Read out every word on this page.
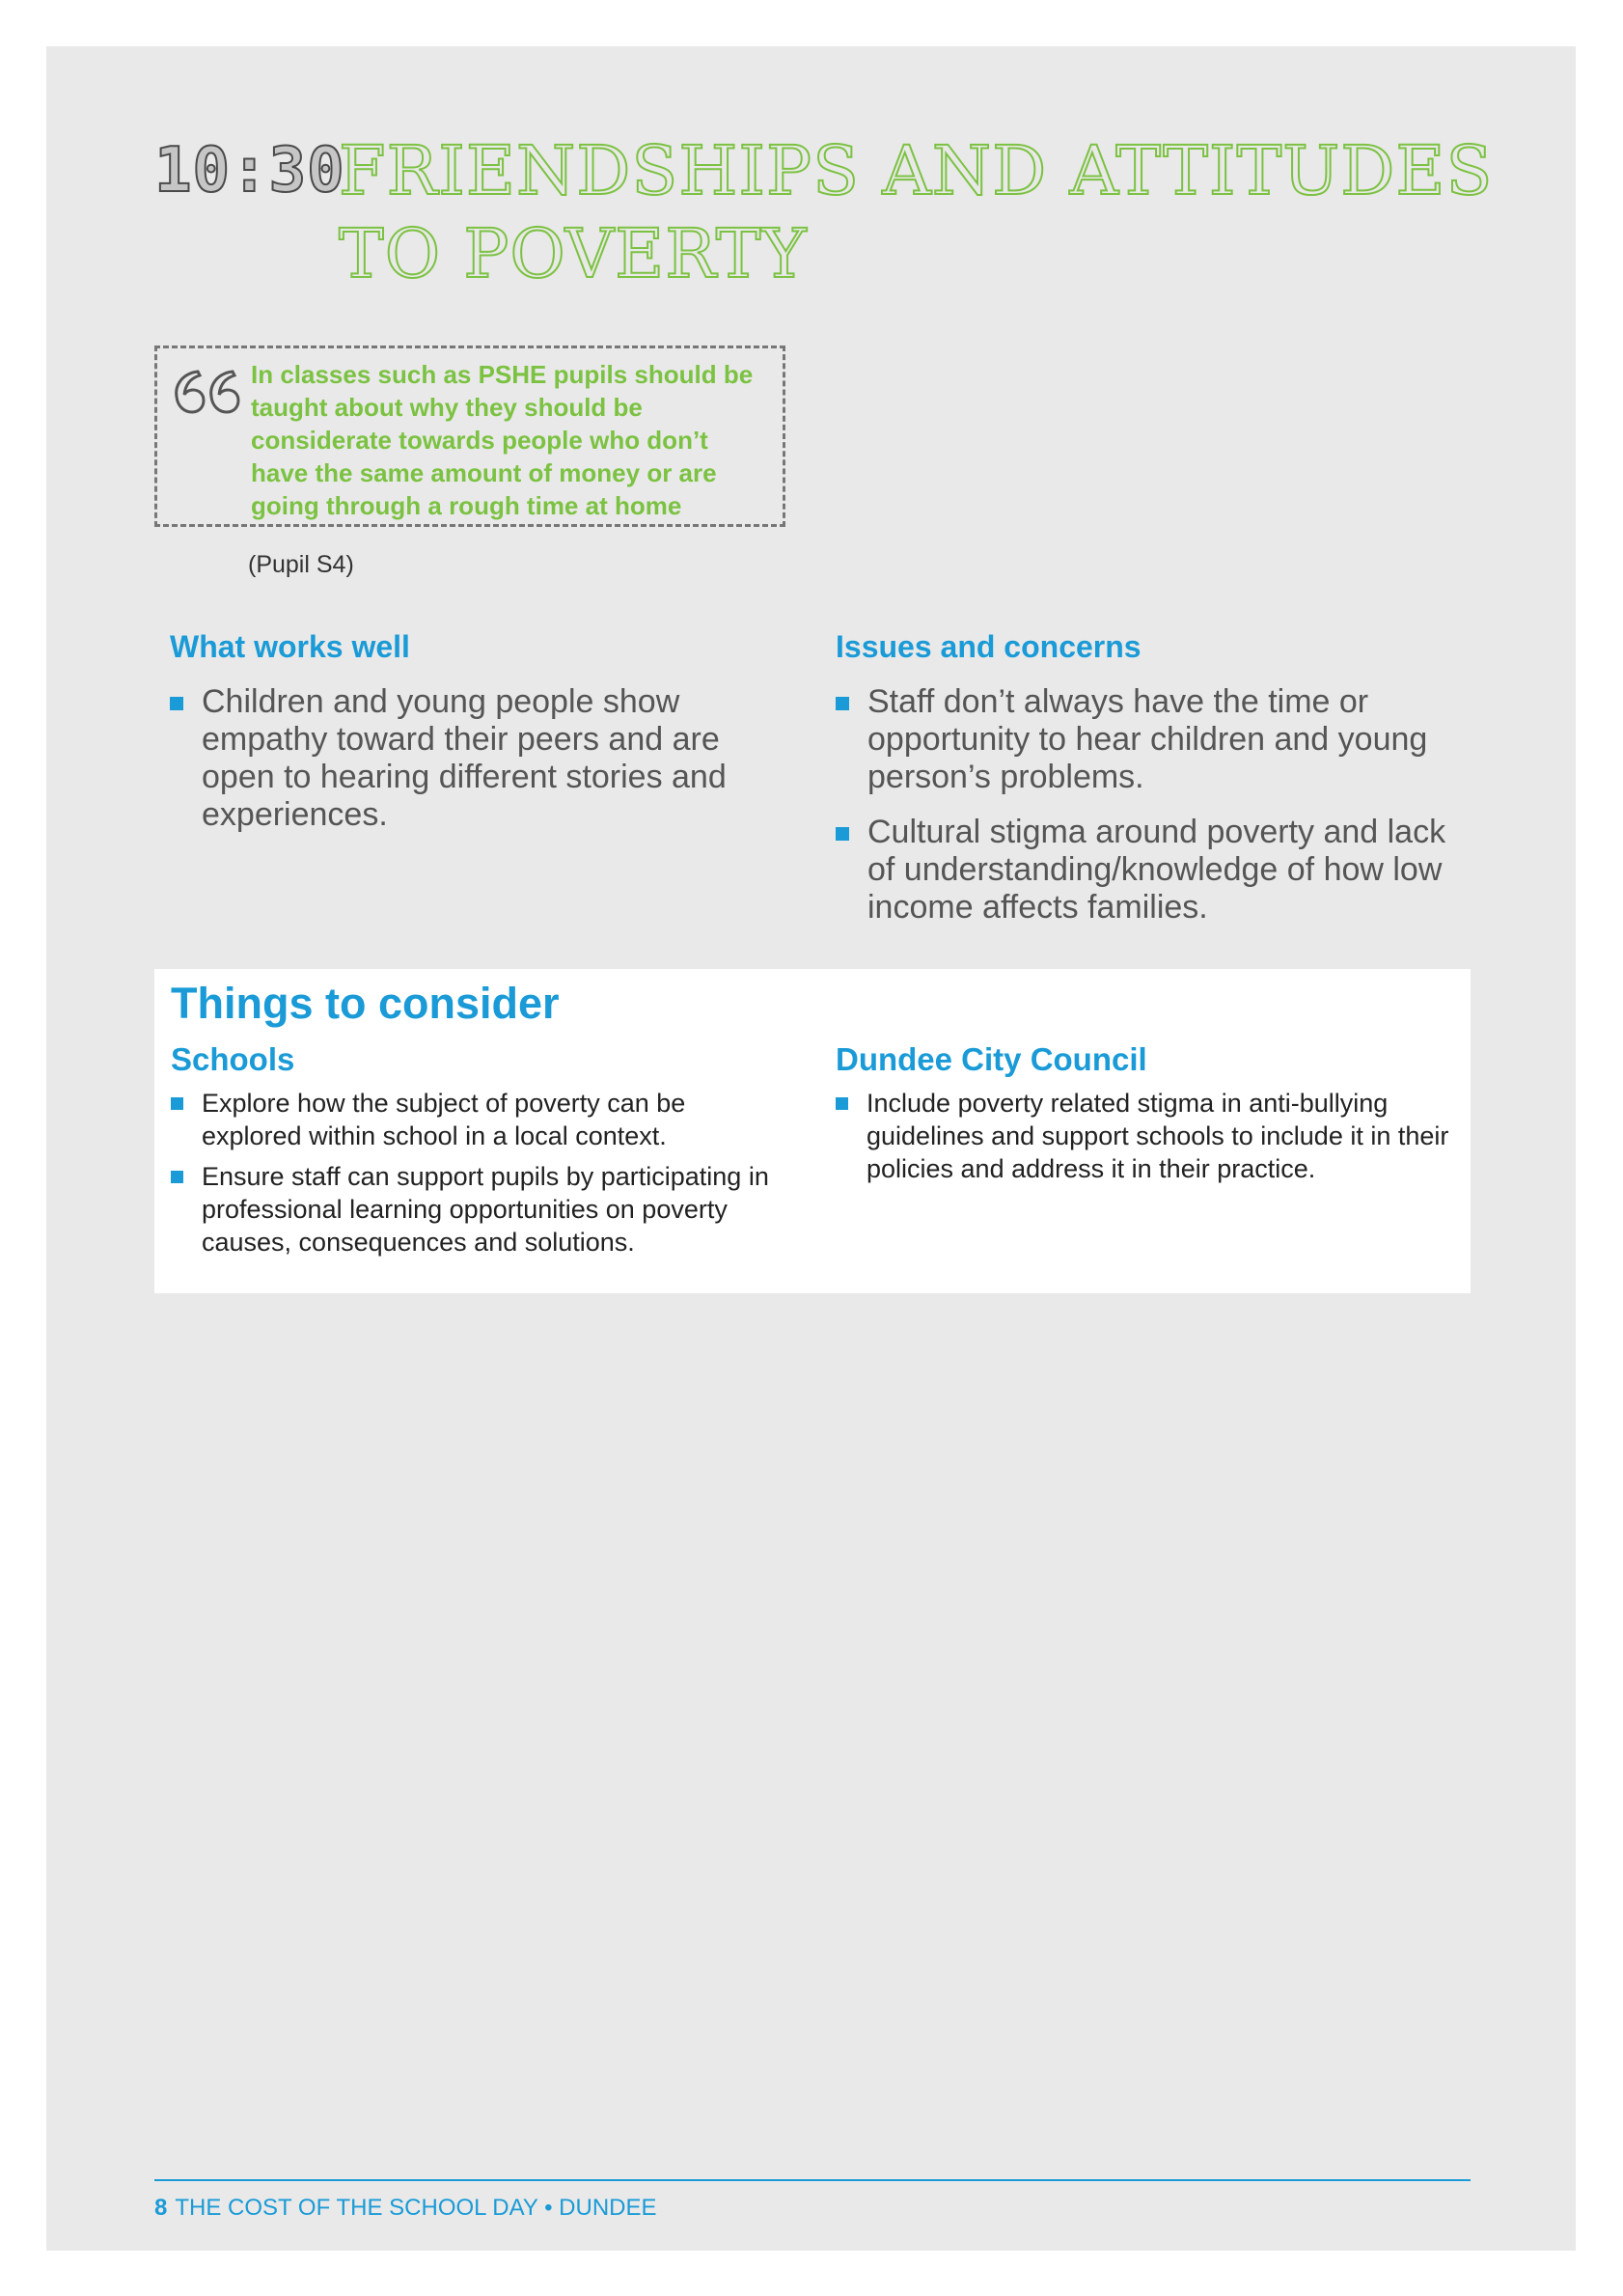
10:30
FRIENDSHIPS AND ATTITUDES
TO POVERTY
In classes such as PSHE pupils should be taught about why they should be considerate towards people who don’t have the same amount of money or are going through a rough time at home
(Pupil S4)
What works well
Children and young people show empathy toward their peers and are open to hearing different stories and experiences.
Issues and concerns
Staff don’t always have the time or opportunity to hear children and young person’s problems.
Cultural stigma around poverty and lack of understanding/knowledge of how low income affects families.
Things to consider
Schools
Explore how the subject of poverty can be explored within school in a local context.
Ensure staff can support pupils by participating in professional learning opportunities on poverty causes, consequences and solutions.
Dundee City Council
Include poverty related stigma in anti-bullying guidelines and support schools to include it in their policies and address it in their practice.
8 THE COST OF THE SCHOOL DAY • DUNDEE
